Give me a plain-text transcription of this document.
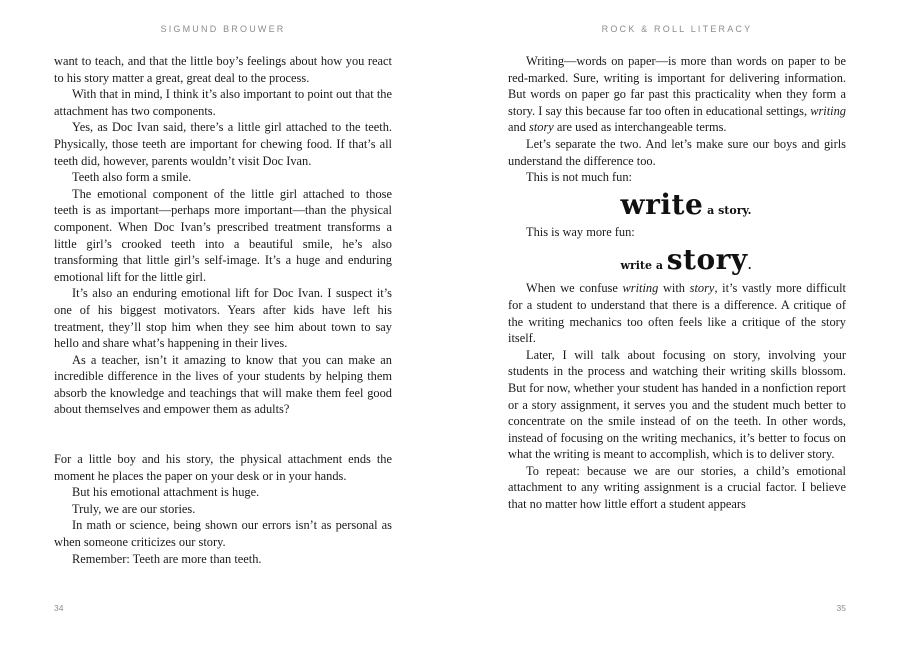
SIGMUND BROUWER

want to teach, and that the little boy’s feelings about how you react to his story matter a great, great deal to the process.

With that in mind, I think it’s also important to point out that the attachment has two components.

Yes, as Doc Ivan said, there’s a little girl attached to the teeth. Physically, those teeth are important for chewing food. If that’s all teeth did, however, parents wouldn’t visit Doc Ivan.

Teeth also form a smile.

The emotional component of the little girl attached to those teeth is as important—perhaps more important—than the physical component. When Doc Ivan’s prescribed treatment transforms a little girl’s crooked teeth into a beautiful smile, he’s also transforming that little girl’s self-image. It’s a huge and enduring emotional lift for the little girl.

It’s also an enduring emotional lift for Doc Ivan. I suspect it’s one of his biggest motivators. Years after kids have left his treatment, they’ll stop him when they see him about town to say hello and share what’s happening in their lives.

As a teacher, isn’t it amazing to know that you can make an incredible difference in the lives of your students by helping them absorb the knowledge and teachings that will make them feel good about themselves and empower them as adults?

For a little boy and his story, the physical attachment ends the moment he places the paper on your desk or in your hands.

But his emotional attachment is huge.

Truly, we are our stories.

In math or science, being shown our errors isn’t as personal as when someone criticizes our story.

Remember: Teeth are more than teeth.

34
ROCK & ROLL LITERACY

Writing—words on paper—is more than words on paper to be red-marked. Sure, writing is important for delivering information. But words on paper go far past this practicality when they form a story. I say this because far too often in educational settings, writing and story are used as interchangeable terms.

Let’s separate the two. And let’s make sure our boys and girls understand the difference too.

This is not much fun:

write a story.

This is way more fun:

write a story.

When we confuse writing with story, it’s vastly more difficult for a student to understand that there is a difference. A critique of the writing mechanics too often feels like a critique of the story itself.

Later, I will talk about focusing on story, involving your students in the process and watching their writing skills blossom. But for now, whether your student has handed in a nonfiction report or a story assignment, it serves you and the student much better to concentrate on the smile instead of on the teeth. In other words, instead of focusing on the writing mechanics, it’s better to focus on what the writing is meant to accomplish, which is to deliver story.

To repeat: because we are our stories, a child’s emotional attachment to any writing assignment is a crucial factor. I believe that no matter how little effort a student appears

35
